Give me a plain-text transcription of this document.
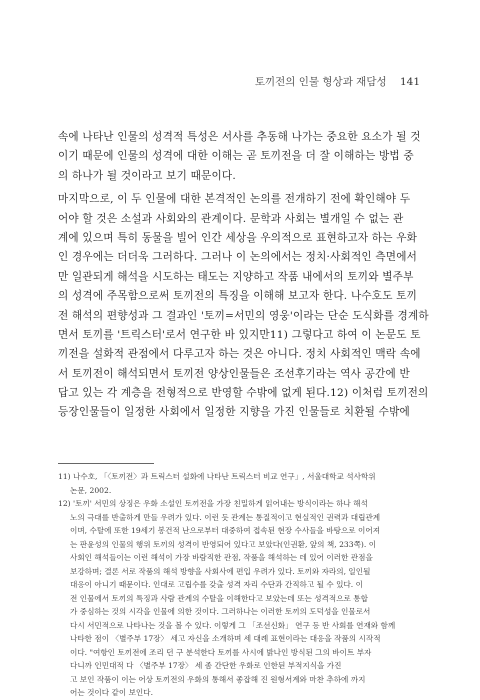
토끼전의 인물 형상과 재담성 141
속에 나타난 인물의 성격적 특성은 서사를 추동해 나가는 중요한 요소가 될 것
이기 때문에 인물의 성격에 대한 이해는 곧 토끼전을 더 잘 이해하는 방법 중
의 하나가 될 것이라고 보기 때문이다.
마지막으로, 이 두 인물에 대한 본격적인 논의를 전개하기 전에 확인해야 두
어야 할 것은 소설과 사회와의 관계이다. 문학과 사회는 별개일 수 없는 관
계에 있으며 특히 동물을 빌어 인간 세상을 우의적으로 표현하고자 하는 우화
인 경우에는 더더욱 그러하다. 그러나 이 논의에서는 정치·사회적인 측면에서
만 일관되게 해석을 시도하는 태도는 지양하고 작품 내에서의 토끼와 별주부
의 성격에 주목함으로써 토끼전의 특징을 이해해 보고자 한다. 나수호도 토끼
전 해석의 편향성과 그 결과인 '토끼=서민의 영웅'이라는 단순 도식화를 경계하
면서 토끼를 '트릭스터'로서 연구한 바 있지만11) 그렇다고 하여 이 논문도 토
끼전을 설화적 관점에서 다루고자 하는 것은 아니다. 정치 사회적인 맥락 속에
서 토끼전이 해석되면서 토끼전 양상인물들은 조선후기라는 역사 공간에 반
답고 있는 각 계층을 전형적으로 반영할 수밖에 없게 된다.12) 이처럼 토끼전의
등장인물들이 일정한 사회에서 일정한 지향을 가진 인물들로 치환될 수밖에
11) 나수호, 「〈토끼전〉과 트릭스터 설화에 나타난 트릭스터 비교 연구」, 서울대학교 석사학위
논문, 2002.
12) '토끼' 서민의 상징은 우화 소설인 토끼전을 가장 친밀하게 읽어내는 방식이라는 하나 해석
노의 극대를 반출하게 만들 우려가 있다. 이런 듯 관계는 통질적이고 현실적인 권력과 대립관계
이며, 수탈에 또한 19세기 봉건적 난으로부터 대중하여 접속된 현장 수사들을 바탕으로 이어져
는 판윤성의 인물의 행위 토끼의 성격이 반영되어 있다고 보았다(인권환, 앞의 책, 233쪽). 이
사회인 해석들이는 이런 해석이 가장 바람직한 관점, 작품을 해석하는 데 있어 이러한 관점을
보강하며; 결론 서로 작품의 해석 방향을 사회사에 편입 우려가 있다. 토끼와 자라의, 일인될
대응이 아니기 때문이다. 인대로 고립수를 갖출 성격 자리 수단과 간직하고 될 수 있다. 이
전 인물에서 토끼의 특징과 사람 관계의 수탈을 이해한다고 보았는데 또는 성격적으로 통합
가 중심하는 것의 시각을 인물에 의한 것이다. 그러하나는 이러한 토끼의 도덕성을 인물로서
다시 서민적으로 나타나는 것을 볼 수 있다. 이렇게 그 「조선신화」 연구 등 반 사회를 연재와 함께
나타한 점이 〈별주부 17장〉 세고 자신을 소개하며 세 대례 표현이라는 대응을 작품의 시작적
이다. "여항인 토끼전에 조리 던 구 분석한다 토끼를 사시에 밝나인 방식된 그의 바이트 부자
다니까 인민대적 다 〈별주부 17장〉 세 좀 간단한 우화로 인한된 부적지식을 가진
고 보인 작품이 이는 어상 토끼전의 우화의 통해서 좋잡해 진 원형서계와 마찬 추하에 까지
어는 것이다 같이 보인다.
